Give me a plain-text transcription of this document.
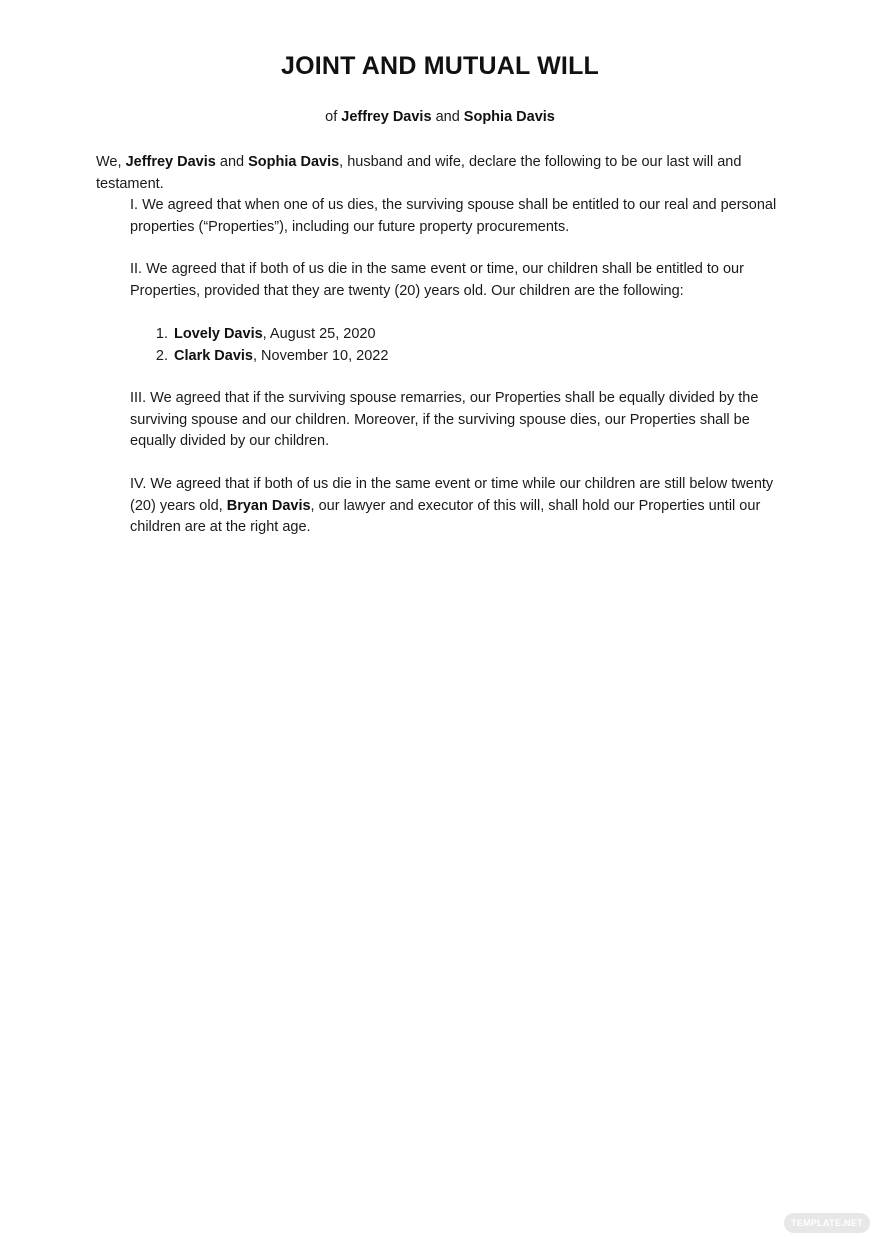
JOINT AND MUTUAL WILL

of Jeffrey Davis and Sophia Davis

We, Jeffrey Davis and Sophia Davis, husband and wife, declare the following to be our last will and testament.

I. We agreed that when one of us dies, the surviving spouse shall be entitled to our real and personal properties (“Properties”), including our future property procurements.

II. We agreed that if both of us die in the same event or time, our children shall be entitled to our Properties, provided that they are twenty (20) years old. Our children are the following:

1. Lovely Davis, August 25, 2020
2. Clark Davis, November 10, 2022

III. We agreed that if the surviving spouse remarries, our Properties shall be equally divided by the surviving spouse and our children. Moreover, if the surviving spouse dies, our Properties shall be equally divided by our children.

IV. We agreed that if both of us die in the same event or time while our children are still below twenty (20) years old, Bryan Davis, our lawyer and executor of this will, shall hold our Properties until our children are at the right age.

TEMPLATE.NET
